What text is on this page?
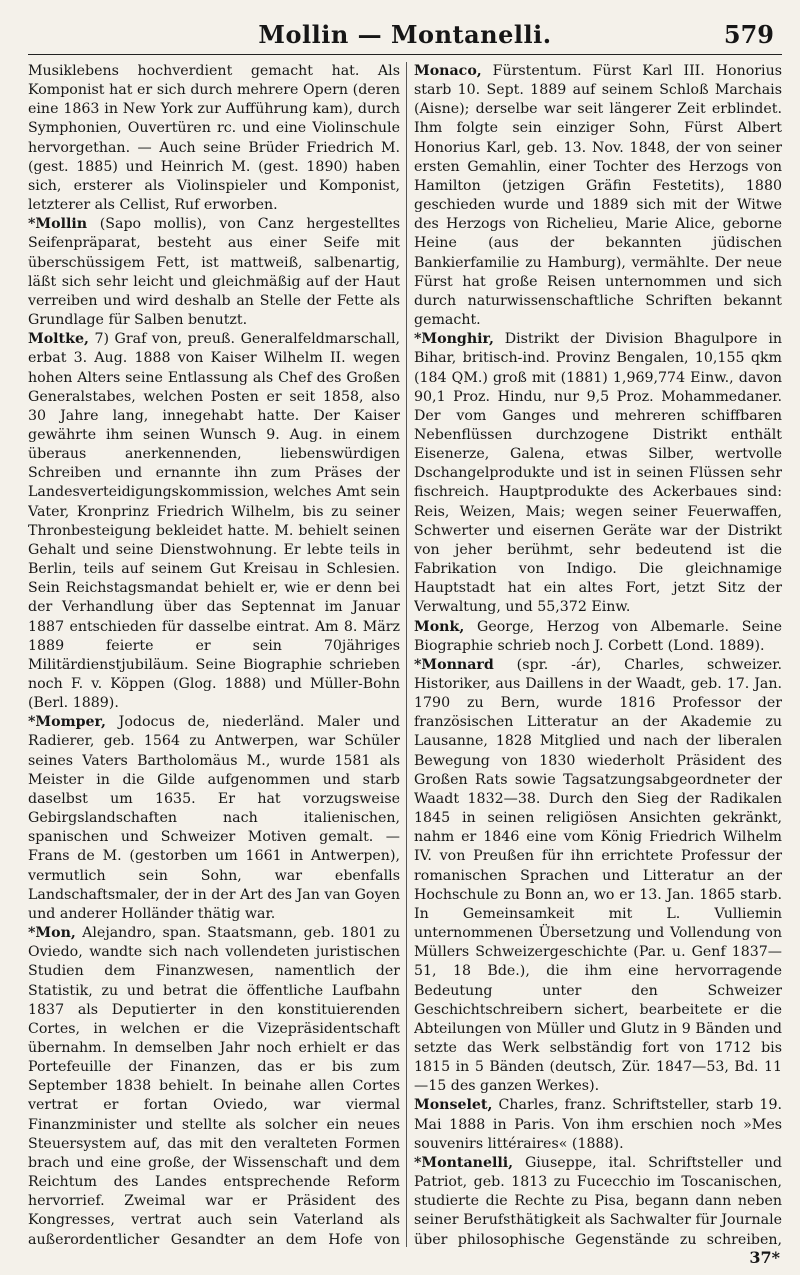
Mollin — Montanelli.	579

Musiklebens hochverdient gemacht hat. Als Komponist hat er sich durch mehrere Opern (deren eine 1863 in New York zur Aufführung kam), durch Symphonien, Ouvertüren rc. und eine Violinschule hervorgethan. — Auch seine Brüder Friedrich M. (gest. 1885) und Heinrich M. (gest. 1890) haben sich, ersterer als Violinspieler und Komponist, letzterer als Cellist, Ruf erworben.

*Mollin (Sapo mollis), von Canz hergestelltes Seifenpräparat, besteht aus einer Seife mit überschüssigem Fett, ist mattweiß, salbenartig, läßt sich sehr leicht und gleichmäßig auf der Haut verreiben und wird deshalb an Stelle der Fette als Grundlage für Salben benutzt.

Moltke, 7) Graf von, preuß. Generalfeldmarschall, erbat 3. Aug. 1888 von Kaiser Wilhelm II. wegen hohen Alters seine Entlassung als Chef des Großen Generalstabes, welchen Posten er seit 1858, also 30 Jahre lang, innegehabt hatte. Der Kaiser gewährte ihm seinen Wunsch 9. Aug. in einem überaus anerkennenden, liebenswürdigen Schreiben und ernannte ihn zum Präses der Landesverteidigungskommission, welches Amt sein Vater, Kronprinz Friedrich Wilhelm, bis zu seiner Thronbesteigung bekleidet hatte. M. behielt seinen Gehalt und seine Dienstwohnung. Er lebte teils in Berlin, teils auf seinem Gut Kreisau in Schlesien. Sein Reichstagsmandat behielt er, wie er denn bei der Verhandlung über das Septennat im Januar 1887 entschieden für dasselbe eintrat. Am 8. März 1889 feierte er sein 70jähriges Militärdienstjubiläum. Seine Biographie schrieben noch F. v. Köppen (Glog. 1888) und Müller-Bohn (Berl. 1889).

*Momper, Jodocus de, niederländ. Maler und Radierer, geb. 1564 zu Antwerpen, war Schüler seines Vaters Bartholomäus M., wurde 1581 als Meister in die Gilde aufgenommen und starb daselbst um 1635. Er hat vorzugsweise Gebirgslandschaften nach italienischen, spanischen und Schweizer Motiven gemalt. — Frans de M. (gestorben um 1661 in Antwerpen), vermutlich sein Sohn, war ebenfalls Landschaftsmaler, der in der Art des Jan van Goyen und anderer Holländer thätig war.

*Mon, Alejandro, span. Staatsmann, geb. 1801 zu Oviedo, wandte sich nach vollendeten juristischen Studien dem Finanzwesen, namentlich der Statistik, zu und betrat die öffentliche Laufbahn 1837 als Deputierter in den konstituierenden Cortes, in welchen er die Vizepräsidentschaft übernahm. In demselben Jahr noch erhielt er das Portefeuille der Finanzen, das er bis zum September 1838 behielt. In beinahe allen Cortes vertrat er fortan Oviedo, war viermal Finanzminister und stellte als solcher ein neues Steuersystem auf, das mit den veralteten Formen brach und eine große, der Wissenschaft und dem Reichtum des Landes entsprechende Reform hervorrief. Zweimal war er Präsident des Kongresses, vertrat auch sein Vaterland als außerordentlicher Gesandter an dem Hofe von

Monaco, Fürstentum. Fürst Karl III. Honorius starb 10. Sept. 1889 auf seinem Schloß Marchais (Aisne); derselbe war seit längerer Zeit erblindet. Ihm folgte sein einziger Sohn, Fürst Albert Honorius Karl, geb. 13. Nov. 1848, der von seiner ersten Gemahlin, einer Tochter des Herzogs von Hamilton (jetzigen Gräfin Festetits), 1880 geschieden wurde und 1889 sich mit der Witwe des Herzogs von Richelieu, Marie Alice, geborne Heine (aus der bekannten jüdischen Bankierfamilie zu Hamburg), vermählte. Der neue Fürst hat große Reisen unternommen und sich durch naturwissenschaftliche Schriften bekannt gemacht.

*Monghir, Distrikt der Division Bhagulpore in Bihar, britisch-ind. Provinz Bengalen, 10,155 qkm (184 QM.) groß mit (1881) 1,969,774 Einw., davon 90,1 Proz. Hindu, nur 9,5 Proz. Mohammedaner. Der vom Ganges und mehreren schiffbaren Nebenflüssen durchzogene Distrikt enthält Eisenerze, Galena, etwas Silber, wertvolle Dschangelprodukte und ist in seinen Flüssen sehr fischreich. Hauptprodukte des Ackerbaues sind: Reis, Weizen, Mais; wegen seiner Feuerwaffen, Schwerter und eisernen Geräte war der Distrikt von jeher berühmt, sehr bedeutend ist die Fabrikation von Indigo. Die gleichnamige Hauptstadt hat ein altes Fort, jetzt Sitz der Verwaltung, und 55,372 Einw.

Monk, George, Herzog von Albemarle. Seine Biographie schrieb noch J. Corbett (Lond. 1889).

*Monnard (spr. -ár), Charles, schweizer. Historiker, aus Daillens in der Waadt, geb. 17. Jan. 1790 zu Bern, wurde 1816 Professor der französischen Litteratur an der Akademie zu Lausanne, 1828 Mitglied und nach der liberalen Bewegung von 1830 wiederholt Präsident des Großen Rats sowie Tagsatzungsabgeordneter der Waadt 1832—38. Durch den Sieg der Radikalen 1845 in seinen religiösen Ansichten gekränkt, nahm er 1846 eine vom König Friedrich Wilhelm IV. von Preußen für ihn errichtete Professur der romanischen Sprachen und Litteratur an der Hochschule zu Bonn an, wo er 13. Jan. 1865 starb. In Gemeinsamkeit mit L. Vulliemin unternommenen Übersetzung und Vollendung von Müllers Schweizergeschichte (Par. u. Genf 1837—51, 18 Bde.), die ihm eine hervorragende Bedeutung unter den Schweizer Geschichtschreibern sichert, bearbeitete er die Abteilungen von Müller und Glutz in 9 Bänden und setzte das Werk selbständig fort von 1712 bis 1815 in 5 Bänden (deutsch, Zür. 1847—53, Bd. 11—15 des ganzen Werkes).

Monselet, Charles, franz. Schriftsteller, starb 19. Mai 1888 in Paris. Von ihm erschien noch »Mes souvenirs littéraires« (1888).

*Montanelli, Giuseppe, ital. Schriftsteller und Patriot, geb. 1813 zu Fucecchio im Toscanischen, studierte die Rechte zu Pisa, begann dann neben seiner Berufsthätigkeit als Sachwalter für Journale über philosophische Gegenstände zu schreiben,

37*
